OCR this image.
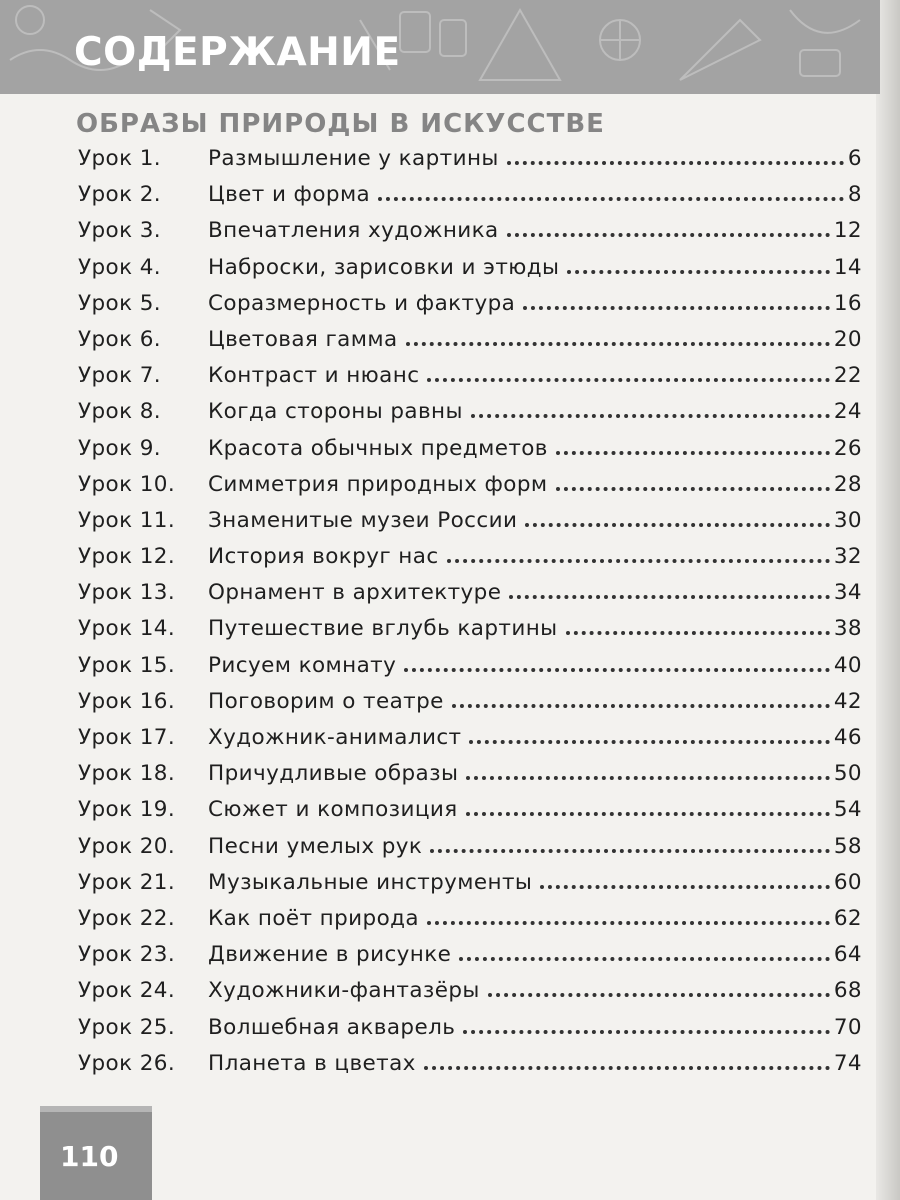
СОДЕРЖАНИЕ
ОБРАЗЫ ПРИРОДЫ В ИСКУССТВЕ
Урок 1.	Размышление у картины	6
Урок 2.	Цвет и форма	8
Урок 3.	Впечатления художника	12
Урок 4.	Наброски, зарисовки и этюды	14
Урок 5.	Соразмерность и фактура	16
Урок 6.	Цветовая гамма	20
Урок 7.	Контраст и нюанс	22
Урок 8.	Когда стороны равны	24
Урок 9.	Красота обычных предметов	26
Урок 10.	Симметрия природных форм	28
Урок 11.	Знаменитые музеи России	30
Урок 12.	История вокруг нас	32
Урок 13.	Орнамент в архитектуре	34
Урок 14.	Путешествие вглубь картины	38
Урок 15.	Рисуем комнату	40
Урок 16.	Поговорим о театре	42
Урок 17.	Художник-анималист	46
Урок 18.	Причудливые образы	50
Урок 19.	Сюжет и композиция	54
Урок 20.	Песни умелых рук	58
Урок 21.	Музыкальные инструменты	60
Урок 22.	Как поёт природа	62
Урок 23.	Движение в рисунке	64
Урок 24.	Художники-фантазёры	68
Урок 25.	Волшебная акварель	70
Урок 26.	Планета в цветах	74

110
